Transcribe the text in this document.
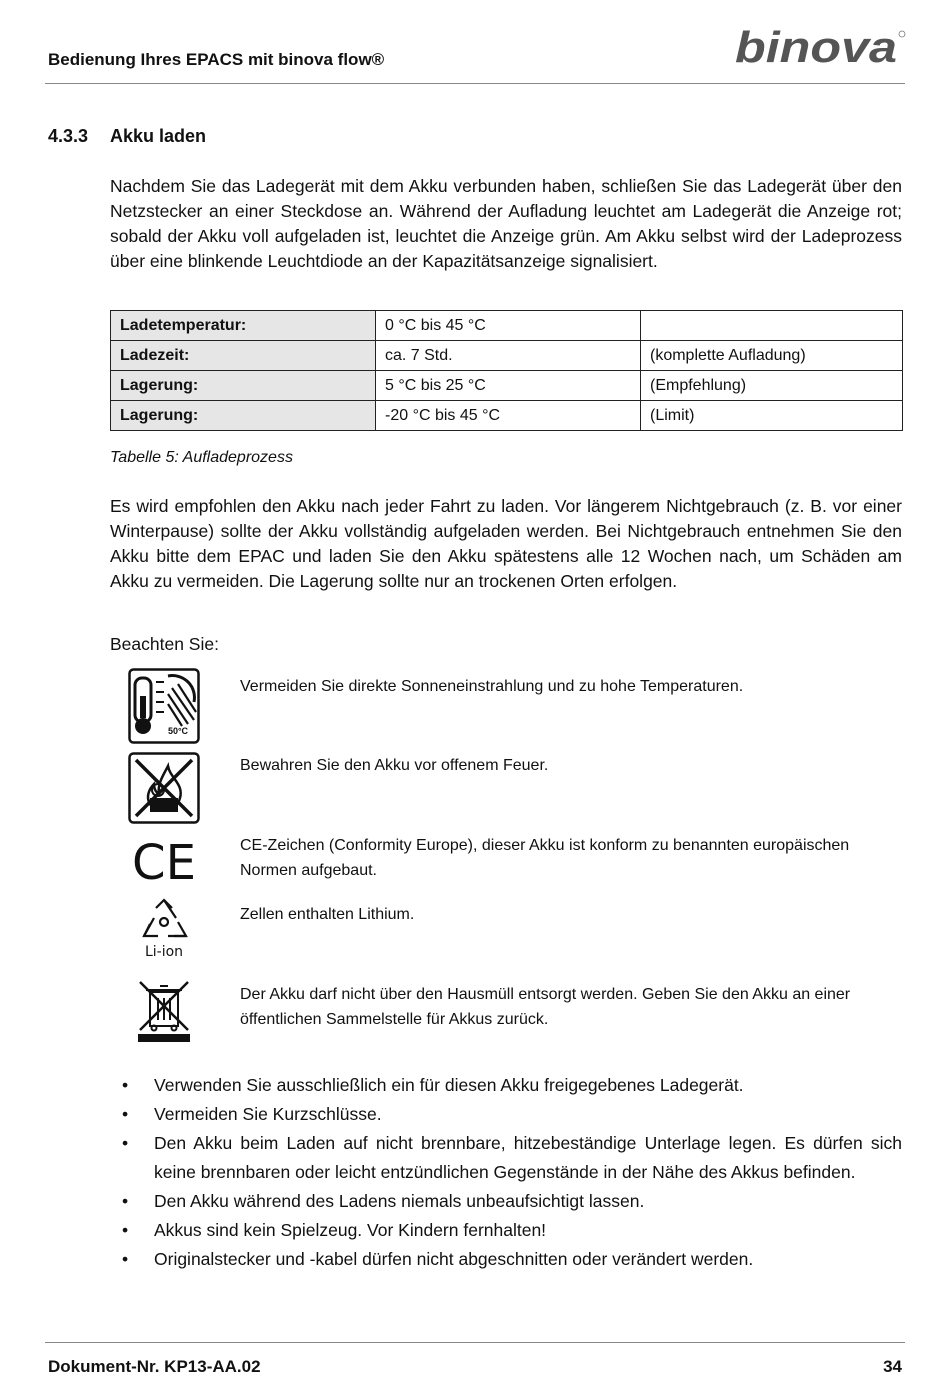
Bedienung Ihres EPACS mit binova flow®	binova
4.3.3 Akku laden
Nachdem Sie das Ladegerät mit dem Akku verbunden haben, schließen Sie das Ladegerät über den Netzstecker an einer Steckdose an. Während der Aufladung leuchtet am Ladegerät die Anzeige rot; sobald der Akku voll aufgeladen ist, leuchtet die Anzeige grün. Am Akku selbst wird der Ladeprozess über eine blinkende Leuchtdiode an der Kapazitätsanzeige signalisiert.
Ladetemperatur:	0 °C bis 45 °C	
Ladezeit:	ca. 7 Std.	(komplette Aufladung)
Lagerung:	5 °C bis 25 °C	(Empfehlung)
Lagerung:	-20 °C bis 45 °C	(Limit)
Tabelle 5: Aufladeprozess
Es wird empfohlen den Akku nach jeder Fahrt zu laden. Vor längerem Nichtgebrauch (z. B. vor einer Winterpause) sollte der Akku vollständig aufgeladen werden. Bei Nichtgebrauch entnehmen Sie den Akku bitte dem EPAC und laden Sie den Akku spätestens alle 12 Wochen nach, um Schäden am Akku zu vermeiden. Die Lagerung sollte nur an trockenen Orten erfolgen.
Beachten Sie:
50°C
CE
Li-ion
Vermeiden Sie direkte Sonneneinstrahlung und zu hohe Temperaturen.
Bewahren Sie den Akku vor offenem Feuer.
CE-Zeichen (Conformity Europe), dieser Akku ist konform zu benannten europäischen Normen aufgebaut.
Zellen enthalten Lithium.
Der Akku darf nicht über den Hausmüll entsorgt werden. Geben Sie den Akku an einer öffentlichen Sammelstelle für Akkus zurück.
• Verwenden Sie ausschließlich ein für diesen Akku freigegebenes Ladegerät.
• Vermeiden Sie Kurzschlüsse.
• Den Akku beim Laden auf nicht brennbare, hitzebeständige Unterlage legen. Es dürfen sich keine brennbaren oder leicht entzündlichen Gegenstände in der Nähe des Akkus befinden.
• Den Akku während des Ladens niemals unbeaufsichtigt lassen.
• Akkus sind kein Spielzeug. Vor Kindern fernhalten!
• Originalstecker und -kabel dürfen nicht abgeschnitten oder verändert werden.
Dokument-Nr. KP13-AA.02	34
